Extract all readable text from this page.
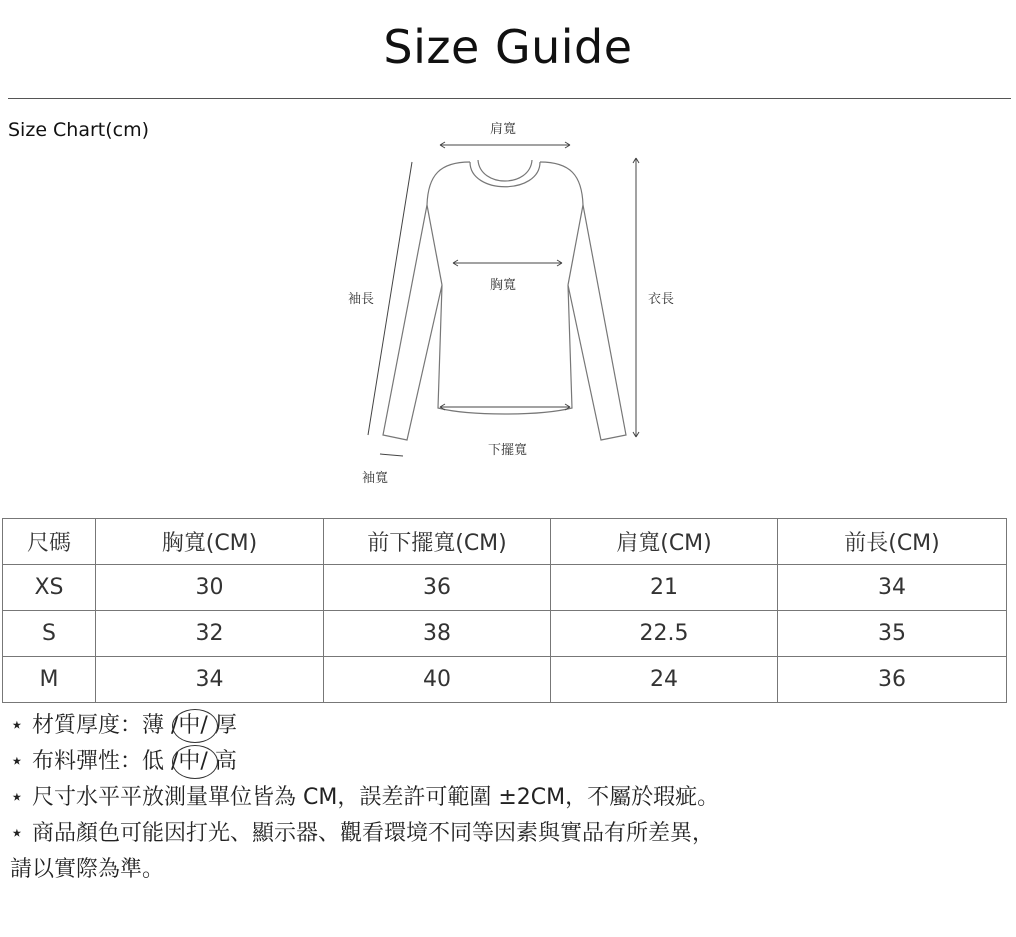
Size Guide
Size Chart(cm)	肩寬
胸寬
袖長	衣長
下擺寬
袖寬
尺碼	胸寬(CM)	前下擺寬(CM)	肩寬(CM)	前長(CM)
XS	30	36	21	34
S	32	38	22.5	35
M	34	40	24	36
⋆ 材質厚度：薄 /
中/ 厚
⋆ 布料彈性：低 /
中/ 高
⋆ 尺寸水平平放測量單位皆為 CM，誤差許可範圍 ±2CM，不屬於瑕疵。
⋆ 商品顏色可能因打光、顯示器、觀看環境不同等因素與實品有所差異，
請以實際為準。
